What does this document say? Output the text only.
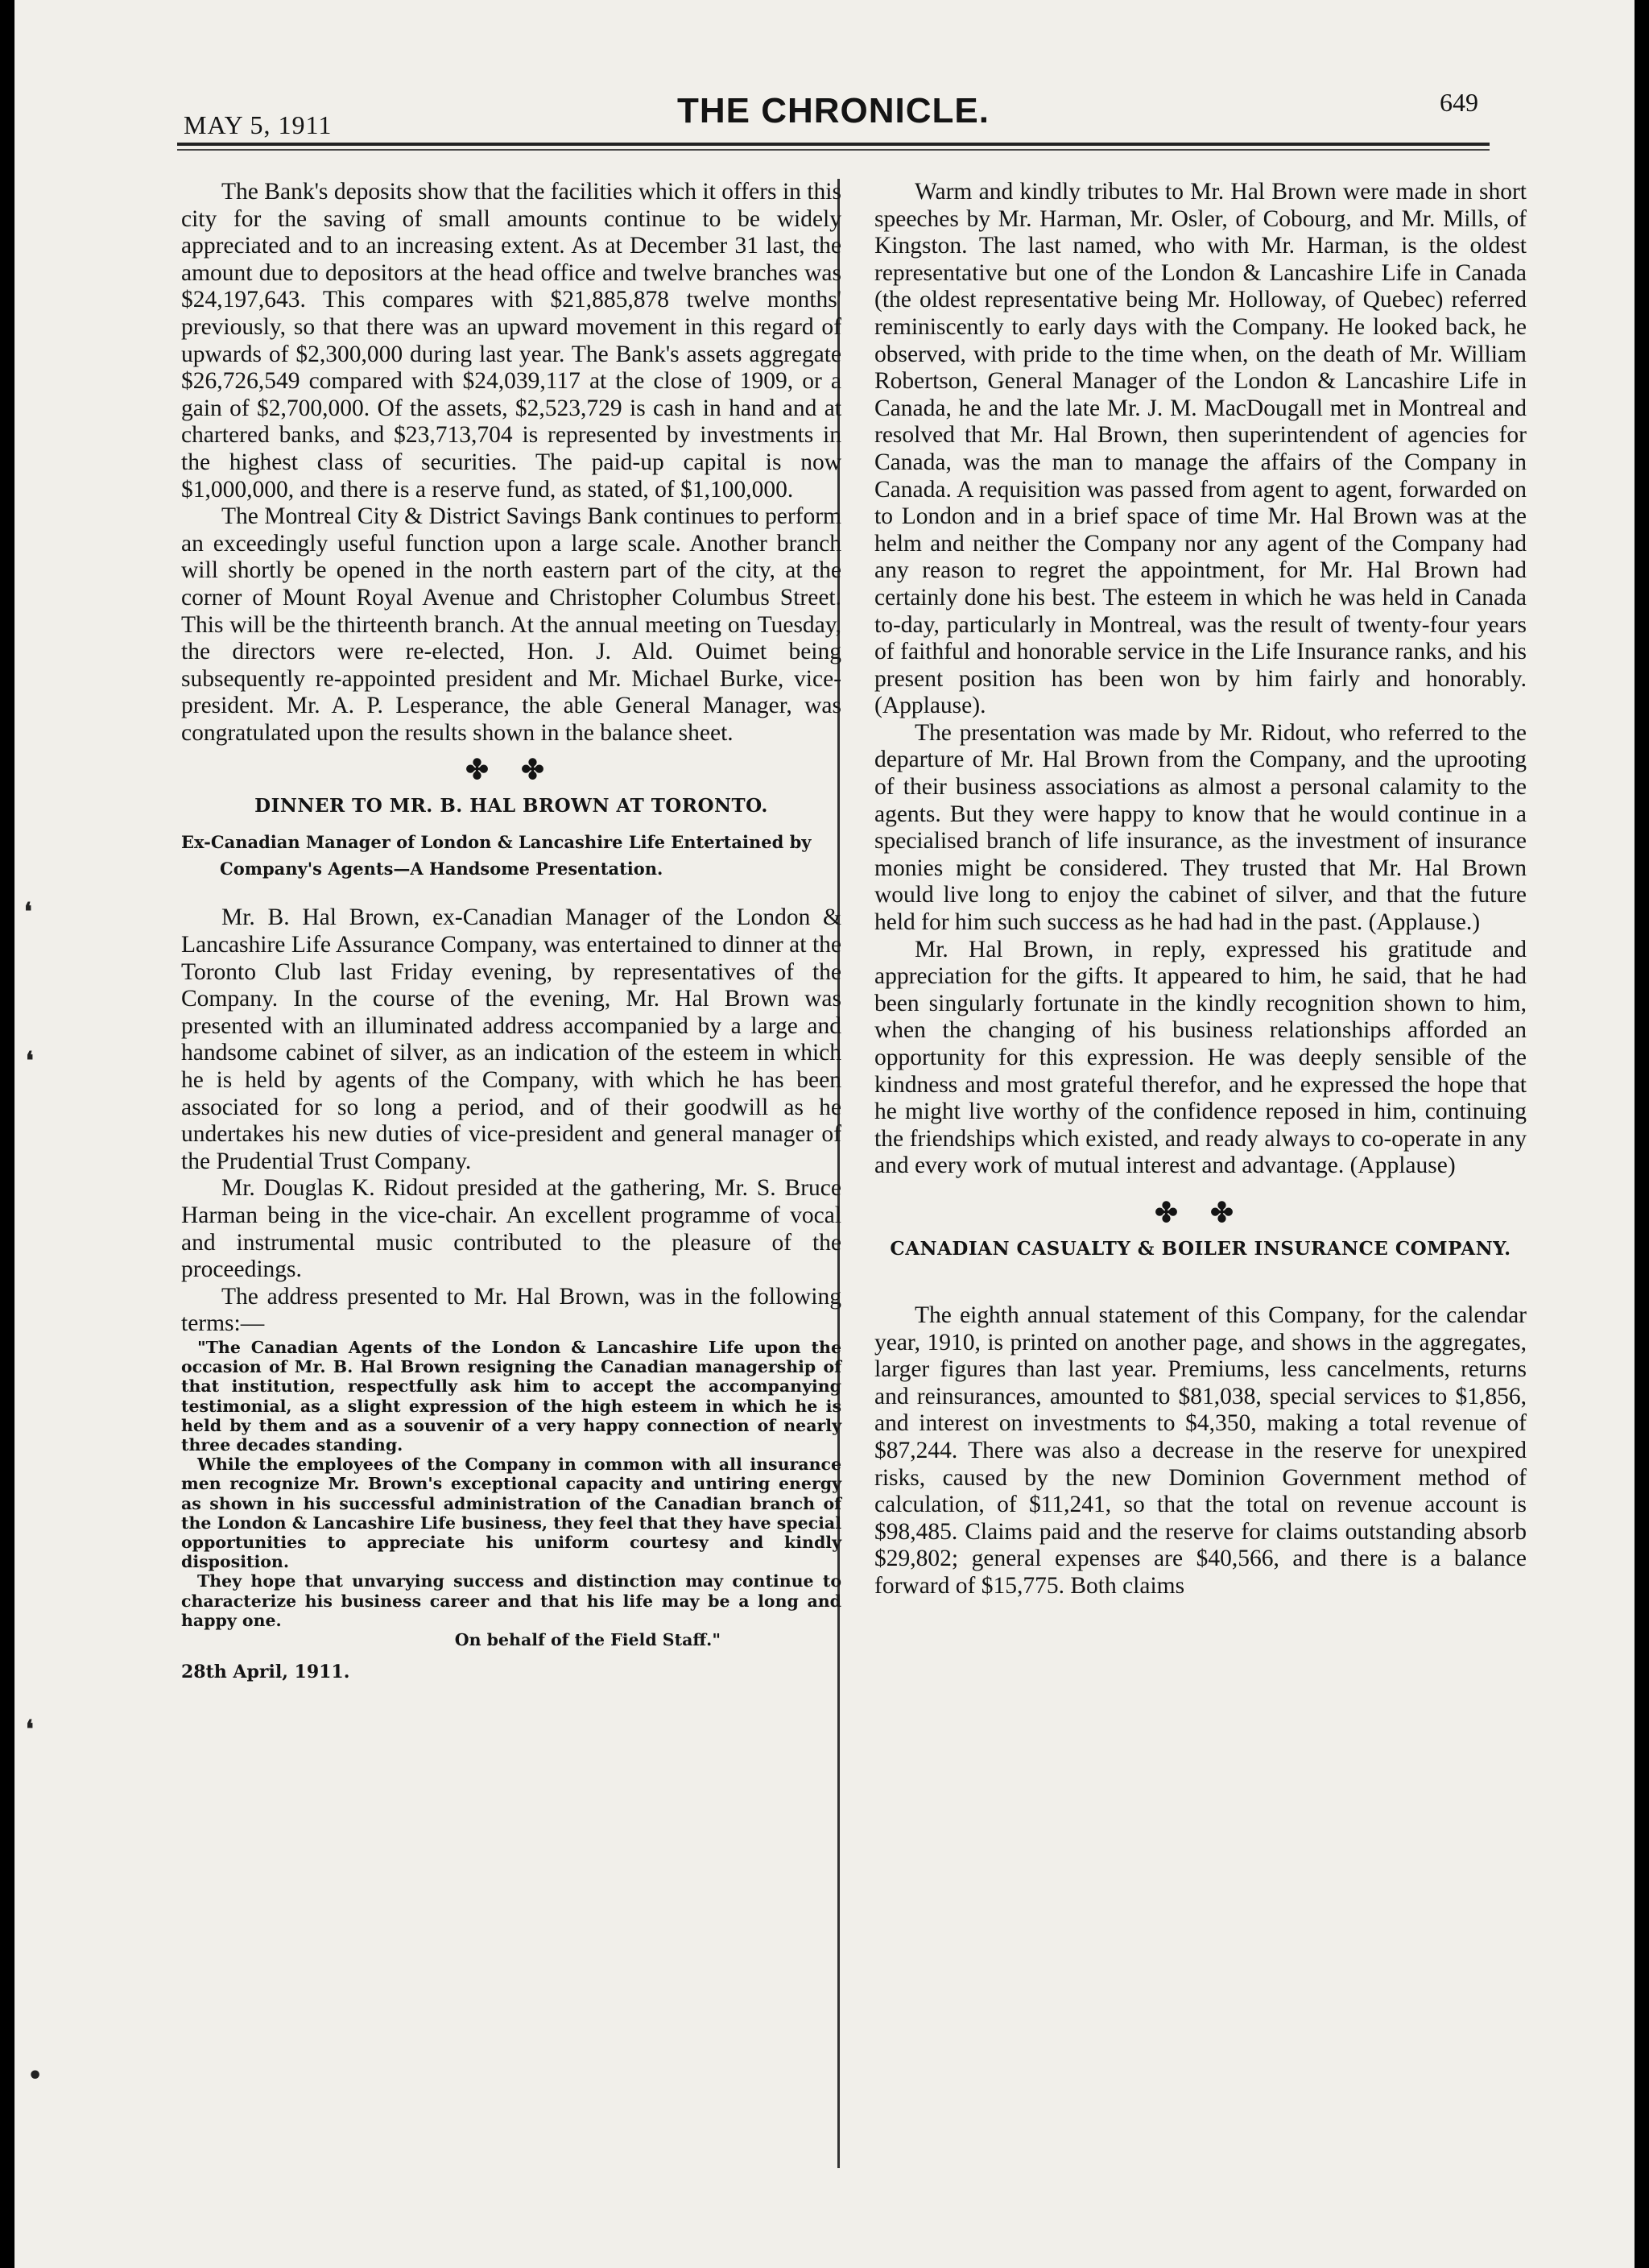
MAY 5, 1911	THE CHRONICLE.	649

The Bank's deposits show that the facilities which it offers in this city for the saving of small amounts continue to be widely appreciated and to an increasing extent. As at December 31 last, the amount due to depositors at the head office and twelve branches was $24,197,643. This compares with $21,885,878 twelve months' previously, so that there was an upward movement in this regard of upwards of $2,300,000 during last year. The Bank's assets aggregate $26,726,549 compared with $24,039,117 at the close of 1909, or a gain of $2,700,000. Of the assets, $2,523,729 is cash in hand and at chartered banks, and $23,713,704 is represented by investments in the highest class of securities. The paid-up capital is now $1,000,000, and there is a reserve fund, as stated, of $1,100,000.

The Montreal City & District Savings Bank continues to perform an exceedingly useful function upon a large scale. Another branch will shortly be opened in the north eastern part of the city, at the corner of Mount Royal Avenue and Christopher Columbus Street. This will be the thirteenth branch. At the annual meeting on Tuesday, the directors were re-elected, Hon. J. Ald. Ouimet being subsequently re-appointed president and Mr. Michael Burke, vice-president. Mr. A. P. Lesperance, the able General Manager, was congratulated upon the results shown in the balance sheet.

✤ ✤
DINNER TO MR. B. HAL BROWN AT TORONTO.
Ex-Canadian Manager of London & Lancashire Life Entertained by Company's Agents—A Handsome Presentation.

Mr. B. Hal Brown, ex-Canadian Manager of the London & Lancashire Life Assurance Company, was entertained to dinner at the Toronto Club last Friday evening, by representatives of the Company. In the course of the evening, Mr. Hal Brown was presented with an illuminated address accompanied by a large and handsome cabinet of silver, as an indication of the esteem in which he is held by agents of the Company, with which he has been associated for so long a period, and of their goodwill as he undertakes his new duties of vice-president and general manager of the Prudential Trust Company.

Mr. Douglas K. Ridout presided at the gathering, Mr. S. Bruce Harman being in the vice-chair. An excellent programme of vocal and instrumental music contributed to the pleasure of the proceedings.

The address presented to Mr. Hal Brown, was in the following terms:—

"The Canadian Agents of the London & Lancashire Life upon the occasion of Mr. B. Hal Brown resigning the Canadian managership of that institution, respectfully ask him to accept the accompanying testimonial, as a slight expression of the high esteem in which he is held by them and as a souvenir of a very happy connection of nearly three decades standing.

While the employees of the Company in common with all insurance men recognize Mr. Brown's exceptional capacity and untiring energy as shown in his successful administration of the Canadian branch of the London & Lancashire Life business, they feel that they have special opportunities to appreciate his uniform courtesy and kindly disposition.

They hope that unvarying success and distinction may continue to characterize his business career and that his life may be a long and happy one.

On behalf of the Field Staff."
28th April, 1911.

Warm and kindly tributes to Mr. Hal Brown were made in short speeches by Mr. Harman, Mr. Osler, of Cobourg, and Mr. Mills, of Kingston. The last named, who with Mr. Harman, is the oldest representative but one of the London & Lancashire Life in Canada (the oldest representative being Mr. Holloway, of Quebec) referred reminiscently to early days with the Company. He looked back, he observed, with pride to the time when, on the death of Mr. William Robertson, General Manager of the London & Lancashire Life in Canada, he and the late Mr. J. M. MacDougall met in Montreal and resolved that Mr. Hal Brown, then superintendent of agencies for Canada, was the man to manage the affairs of the Company in Canada. A requisition was passed from agent to agent, forwarded on to London and in a brief space of time Mr. Hal Brown was at the helm and neither the Company nor any agent of the Company had any reason to regret the appointment, for Mr. Hal Brown had certainly done his best. The esteem in which he was held in Canada to-day, particularly in Montreal, was the result of twenty-four years of faithful and honorable service in the Life Insurance ranks, and his present position has been won by him fairly and honorably. (Applause).

The presentation was made by Mr. Ridout, who referred to the departure of Mr. Hal Brown from the Company, and the uprooting of their business associations as almost a personal calamity to the agents. But they were happy to know that he would continue in a specialised branch of life insurance, as the investment of insurance monies might be considered. They trusted that Mr. Hal Brown would live long to enjoy the cabinet of silver, and that the future held for him such success as he had had in the past. (Applause.)

Mr. Hal Brown, in reply, expressed his gratitude and appreciation for the gifts. It appeared to him, he said, that he had been singularly fortunate in the kindly recognition shown to him, when the changing of his business relationships afforded an opportunity for this expression. He was deeply sensible of the kindness and most grateful therefor, and he expressed the hope that he might live worthy of the confidence reposed in him, continuing the friendships which existed, and ready always to co-operate in any and every work of mutual interest and advantage. (Applause)

✤ ✤
CANADIAN CASUALTY & BOILER INSURANCE COMPANY.

The eighth annual statement of this Company, for the calendar year, 1910, is printed on another page, and shows in the aggregates, larger figures than last year. Premiums, less cancelments, returns and reinsurances, amounted to $81,038, special services to $1,856, and interest on investments to $4,350, making a total revenue of $87,244. There was also a decrease in the reserve for unexpired risks, caused by the new Dominion Government method of calculation, of $11,241, so that the total on revenue account is $98,485. Claims paid and the reserve for claims outstanding absorb $29,802; general expenses are $40,566, and there is a balance forward of $15,775. Both claims

❛
❛
❛
•
